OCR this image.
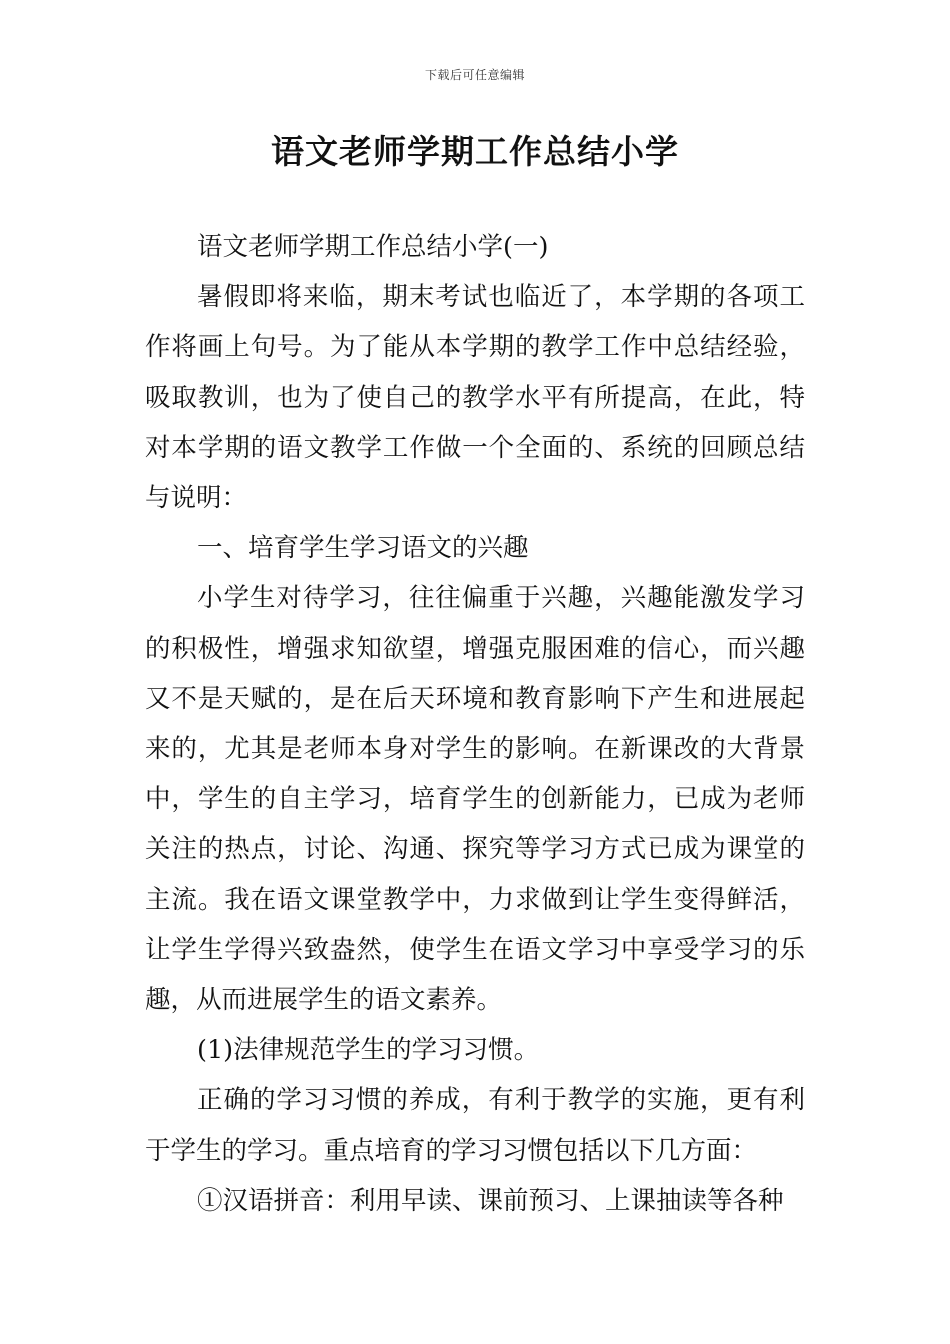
下载后可任意编辑
语文老师学期工作总结小学

语文老师学期工作总结小学(一)

暑假即将来临，期末考试也临近了，本学期的各项工作将画上句号。为了能从本学期的教学工作中总结经验，吸取教训，也为了使自己的教学水平有所提高，在此，特对本学期的语文教学工作做一个全面的、系统的回顾总结与说明：

一、培育学生学习语文的兴趣

小学生对待学习，往往偏重于兴趣，兴趣能激发学习的积极性，增强求知欲望，增强克服困难的信心，而兴趣又不是天赋的，是在后天环境和教育影响下产生和进展起来的，尤其是老师本身对学生的影响。在新课改的大背景中，学生的自主学习，培育学生的创新能力，已成为老师关注的热点，讨论、沟通、探究等学习方式已成为课堂的主流。我在语文课堂教学中，力求做到让学生变得鲜活，让学生学得兴致盎然，使学生在语文学习中享受学习的乐趣，从而进展学生的语文素养。

(1)法律规范学生的学习习惯。

正确的学习习惯的养成，有利于教学的实施，更有利于学生的学习。重点培育的学习习惯包括以下几方面：

①汉语拼音：利用早读、课前预习、上课抽读等各种
